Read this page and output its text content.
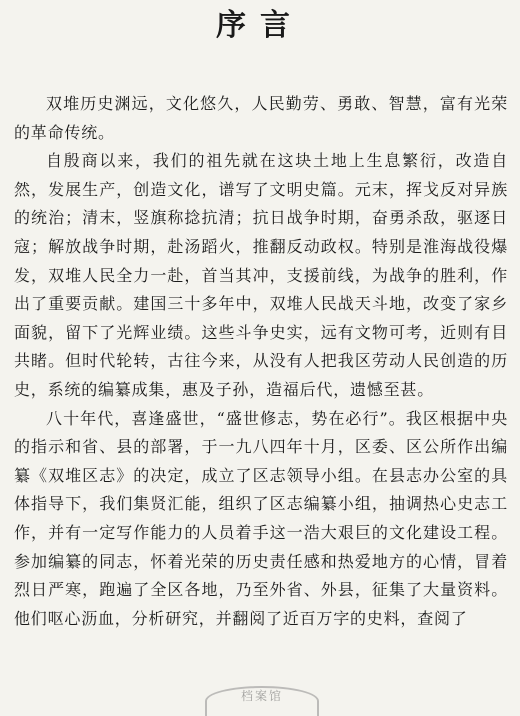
序言

双堆历史渊远，文化悠久，人民勤劳、勇敢、智慧，富有光荣的革命传统。

自殷商以来，我们的祖先就在这块土地上生息繁衍，改造自然，发展生产，创造文化，谱写了文明史篇。元末，挥戈反对异族的统治；清末，竖旗称捻抗清；抗日战争时期，奋勇杀敌，驱逐日寇；解放战争时期，赴汤蹈火，推翻反动政权。特别是淮海战役爆发，双堆人民全力一赴，首当其冲，支援前线，为战争的胜利，作出了重要贡献。建国三十多年中，双堆人民战天斗地，改变了家乡面貌，留下了光辉业绩。这些斗争史实，远有文物可考，近则有目共睹。但时代轮转，古往今来，从没有人把我区劳动人民创造的历史，系统的编纂成集，惠及子孙，造福后代，遗憾至甚。

八十年代，喜逢盛世，“盛世修志，势在必行”。我区根据中央的指示和省、县的部署，于一九八四年十月，区委、区公所作出编纂《双堆区志》的决定，成立了区志领导小组。在县志办公室的具体指导下，我们集贤汇能，组织了区志编纂小组，抽调热心史志工作，并有一定写作能力的人员着手这一浩大艰巨的文化建设工程。参加编纂的同志，怀着光荣的历史责任感和热爱地方的心情，冒着烈日严寒，跑遍了全区各地，乃至外省、外县，征集了大量资料。他们呕心沥血，分析研究，并翻阅了近百万字的史料，查阅了

档案馆
